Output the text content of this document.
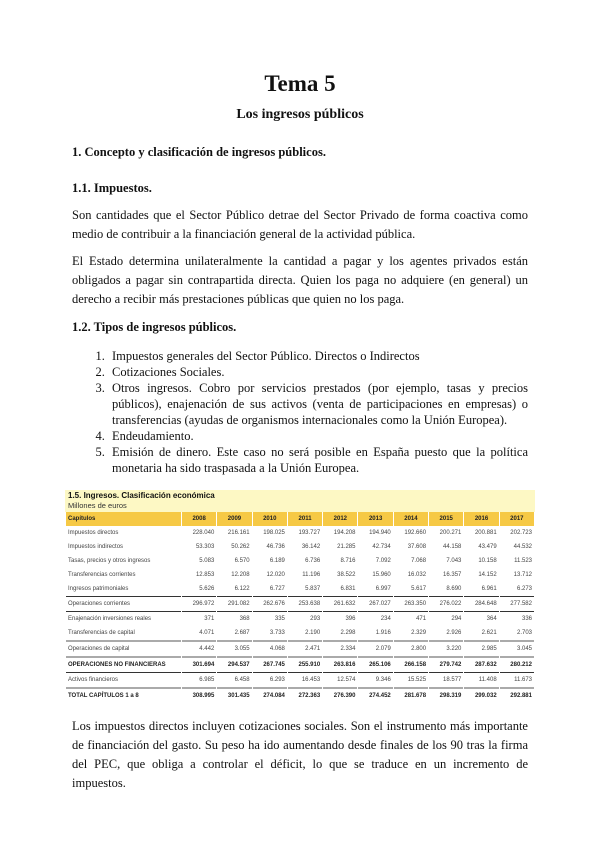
Tema 5
Los ingresos públicos
1. Concepto y clasificación de ingresos públicos.
1.1. Impuestos.
Son cantidades que el Sector Público detrae del Sector Privado de forma coactiva como medio de contribuir a la financiación general de la actividad pública.
El Estado determina unilateralmente la cantidad a pagar y los agentes privados están obligados a pagar sin contrapartida directa. Quien los paga no adquiere (en general) un derecho a recibir más prestaciones públicas que quien no los paga.
1.2. Tipos de ingresos públicos.
1. Impuestos generales del Sector Público. Directos o Indirectos
2. Cotizaciones Sociales.
3. Otros ingresos. Cobro por servicios prestados (por ejemplo, tasas y precios públicos), enajenación de sus activos (venta de participaciones en empresas) o transferencias (ayudas de organismos internacionales como la Unión Europea).
4. Endeudamiento.
5. Emisión de dinero. Este caso no será posible en España puesto que la política monetaria ha sido traspasada a la Unión Europea.
1.5. Ingresos. Clasificación económica
Millones de euros
Capítulos	2008	2009	2010	2011	2012	2013	2014	2015	2016	2017
Impuestos directos	228.040	216.161	198.025	193.727	194.208	194.940	192.660	200.271	200.881	202.723
Impuestos indirectos	53.303	50.262	46.736	36.142	21.285	42.734	37.608	44.158	43.479	44.532
Tasas, precios y otros ingresos	5.083	6.570	6.189	6.736	8.716	7.092	7.068	7.043	10.158	11.523
Transferencias corrientes	12.853	12.208	12.020	11.196	38.522	15.960	16.032	16.357	14.152	13.712
Ingresos patrimoniales	5.626	6.122	6.727	5.837	6.831	6.997	5.617	8.690	6.961	6.273
Operaciones corrientes	296.972	291.082	262.676	253.638	261.632	267.027	263.350	276.022	284.648	277.582
Enajenación inversiones reales	371	368	335	293	396	234	471	294	364	336
Transferencias de capital	4.071	2.687	3.733	2.190	2.298	1.916	2.329	2.926	2.621	2.703
Operaciones de capital	4.442	3.055	4.068	2.471	2.334	2.079	2.800	3.220	2.985	3.045
OPERACIONES NO FINANCIERAS	301.694	294.537	267.745	255.910	263.816	265.106	266.158	279.742	287.632	280.212
Activos financieros	6.985	6.458	6.293	16.453	12.574	9.346	15.525	18.577	11.408	11.673
TOTAL CAPÍTULOS 1 a 8	308.995	301.435	274.084	272.363	276.390	274.452	281.678	298.319	299.032	292.881
Los impuestos directos incluyen cotizaciones sociales. Son el instrumento más importante de financiación del gasto. Su peso ha ido aumentando desde finales de los 90 tras la firma del PEC, que obliga a controlar el déficit, lo que se traduce en un incremento de impuestos.
